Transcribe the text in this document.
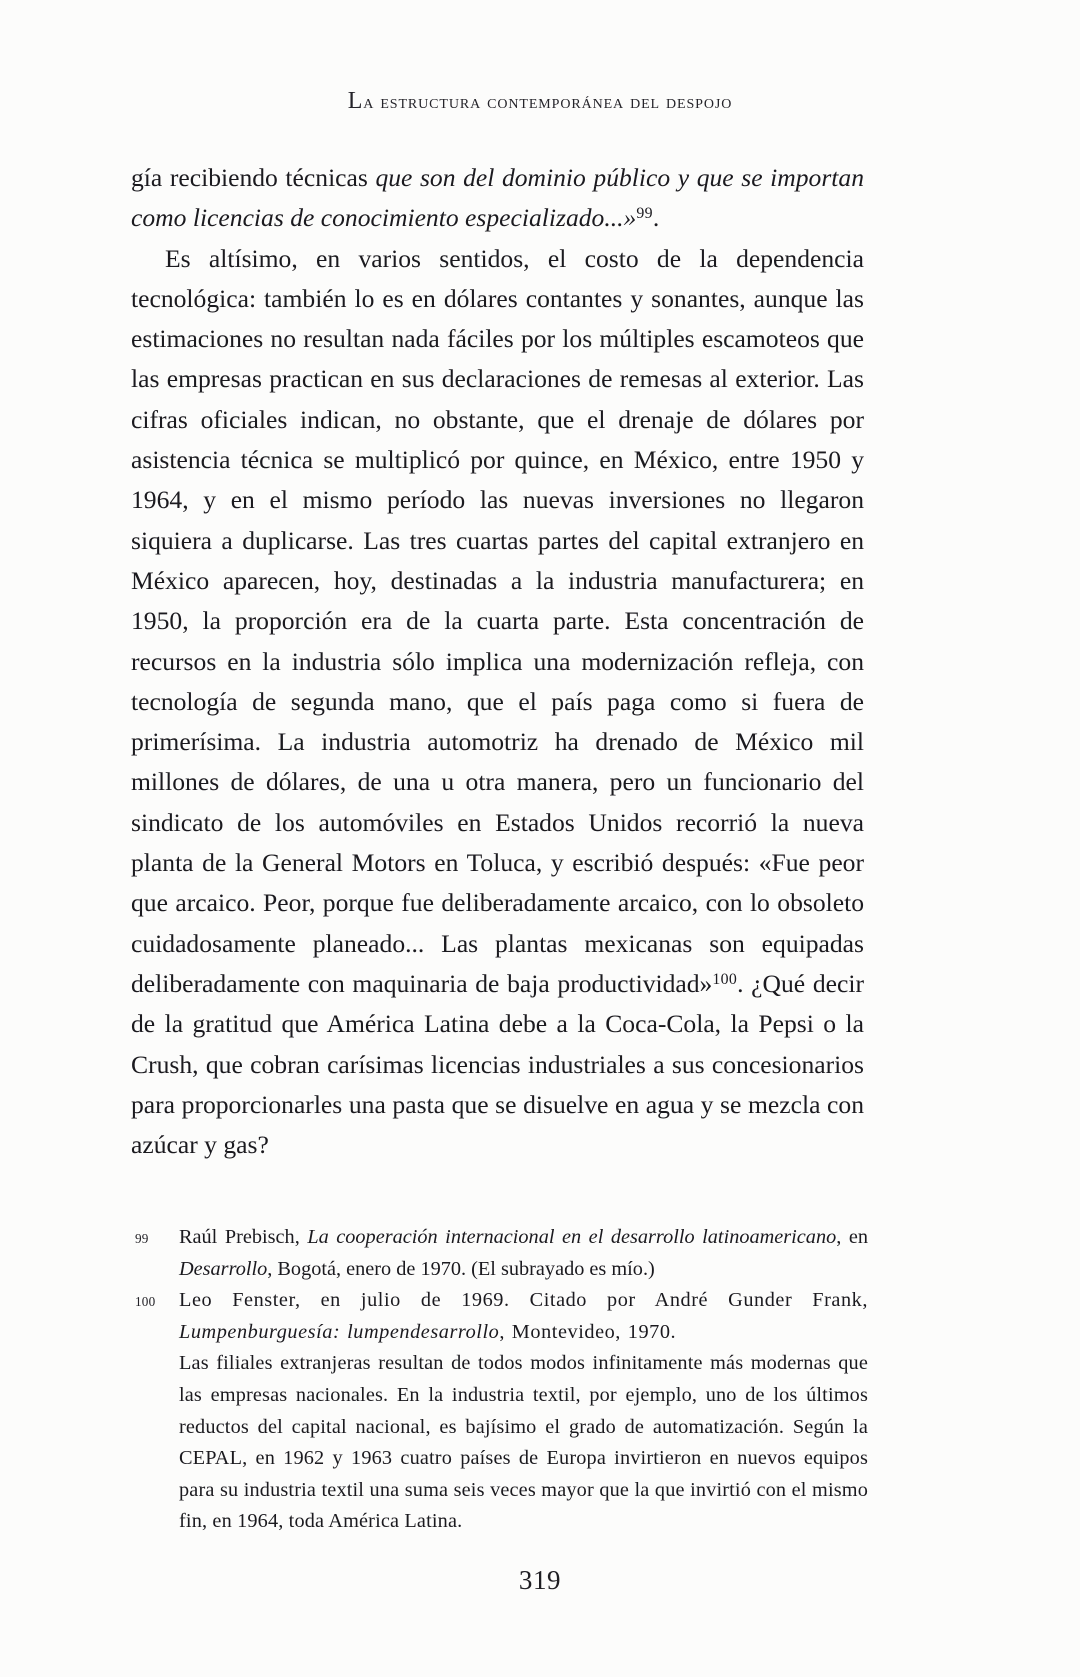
La estructura contemporánea del despojo

gía recibiendo técnicas que son del dominio público y que se importan como licencias de conocimiento especializado...»$^{99}$.

Es altísimo, en varios sentidos, el costo de la dependencia tecnológica: también lo es en dólares contantes y sonantes, aunque las estimaciones no resultan nada fáciles por los múltiples escamoteos que las empresas practican en sus declaraciones de remesas al exterior. Las cifras oficiales indican, no obstante, que el drenaje de dólares por asistencia técnica se multiplicó por quince, en México, entre 1950 y 1964, y en el mismo período las nuevas inversiones no llegaron siquiera a duplicarse. Las tres cuartas partes del capital extranjero en México aparecen, hoy, destinadas a la industria manufacturera; en 1950, la proporción era de la cuarta parte. Esta concentración de recursos en la industria sólo implica una modernización refleja, con tecnología de segunda mano, que el país paga como si fuera de primerísima. La industria automotriz ha drenado de México mil millones de dólares, de una u otra manera, pero un funcionario del sindicato de los automóviles en Estados Unidos recorrió la nueva planta de la General Motors en Toluca, y escribió después: «Fue peor que arcaico. Peor, porque fue deliberadamente arcaico, con lo obsoleto cuidadosamente planeado... Las plantas mexicanas son equipadas deliberadamente con maquinaria de baja productividad»$^{100}$. ¿Qué decir de la gratitud que América Latina debe a la Coca-Cola, la Pepsi o la Crush, que cobran carísimas licencias industriales a sus concesionarios para proporcionarles una pasta que se disuelve en agua y se mezcla con azúcar y gas?

99 Raúl Prebisch, La cooperación internacional en el desarrollo latinoamericano, en Desarrollo, Bogotá, enero de 1970. (El subrayado es mío.)
100 Leo Fenster, en julio de 1969. Citado por André Gunder Frank, Lumpenburguesía: lumpendesarrollo, Montevideo, 1970.
Las filiales extranjeras resultan de todos modos infinitamente más modernas que las empresas nacionales. En la industria textil, por ejemplo, uno de los últimos reductos del capital nacional, es bajísimo el grado de automatización. Según la CEPAL, en 1962 y 1963 cuatro países de Europa invirtieron en nuevos equipos para su industria textil una suma seis veces mayor que la que invirtió con el mismo fin, en 1964, toda América Latina.
319
